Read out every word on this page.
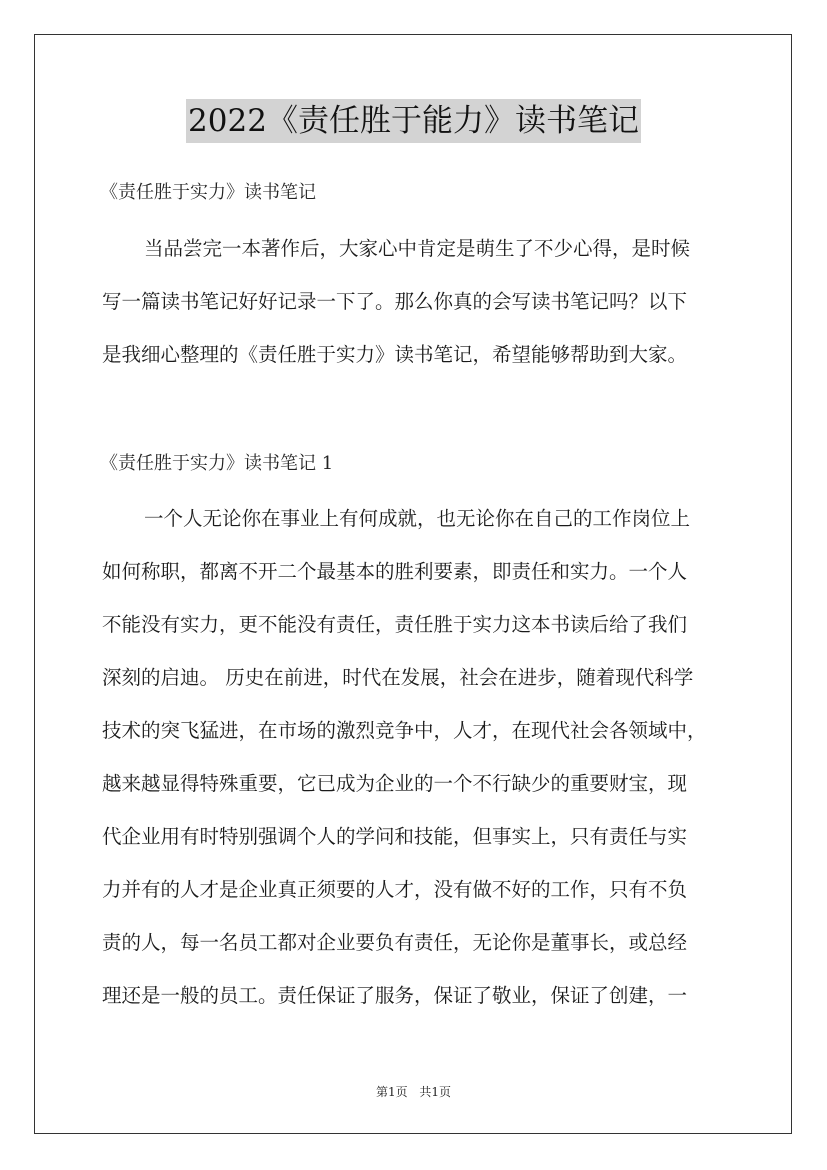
2022《责任胜于能力》读书笔记
《责任胜于实力》读书笔记
当品尝完一本著作后，大家心中肯定是萌生了不少心得，是时候
写一篇读书笔记好好记录一下了。那么你真的会写读书笔记吗？以下
是我细心整理的《责任胜于实力》读书笔记，希望能够帮助到大家。
《责任胜于实力》读书笔记 1
一个人无论你在事业上有何成就，也无论你在自己的工作岗位上
如何称职，都离不开二个最基本的胜利要素，即责任和实力。一个人
不能没有实力，更不能没有责任，责任胜于实力这本书读后给了我们
深刻的启迪。 历史在前进，时代在发展，社会在进步，随着现代科学
技术的突飞猛进，在市场的激烈竞争中，人才，在现代社会各领域中，
越来越显得特殊重要，它已成为企业的一个不行缺少的重要财宝，现
代企业用有时特别强调个人的学问和技能，但事实上，只有责任与实
力并有的人才是企业真正须要的人才，没有做不好的工作，只有不负
责的人，每一名员工都对企业要负有责任，无论你是董事长，或总经
理还是一般的员工。责任保证了服务，保证了敬业，保证了创建，一
第1页 共1页
